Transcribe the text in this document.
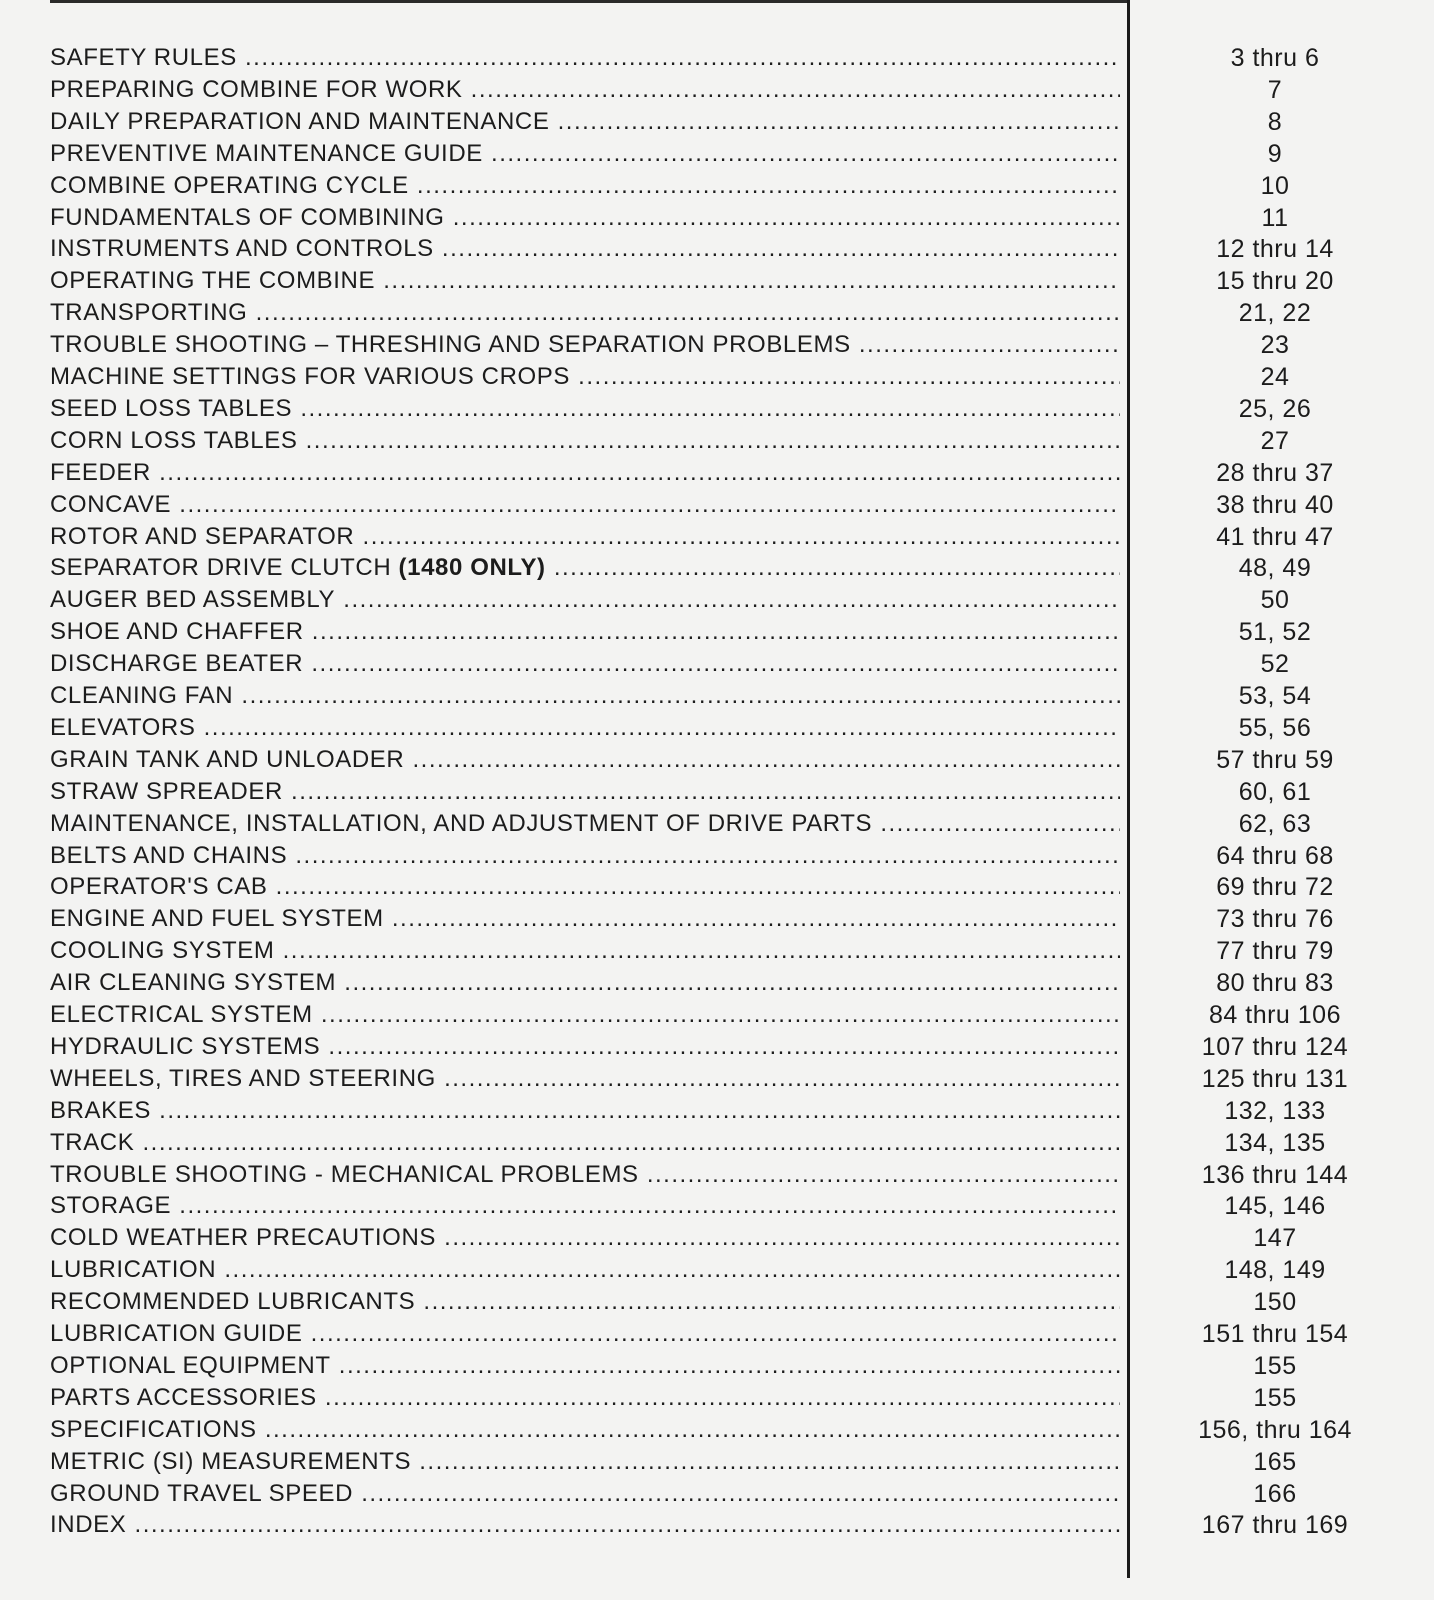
SAFETY RULES .....	3 thru 6
PREPARING COMBINE FOR WORK .....	7
DAILY PREPARATION AND MAINTENANCE .....	8
PREVENTIVE MAINTENANCE GUIDE .....	9
COMBINE OPERATING CYCLE .....	10
FUNDAMENTALS OF COMBINING .....	11
INSTRUMENTS AND CONTROLS .....	12 thru 14
OPERATING THE COMBINE .....	15 thru 20
TRANSPORTING .....	21, 22
TROUBLE SHOOTING – THRESHING AND SEPARATION PROBLEMS .....	23
MACHINE SETTINGS FOR VARIOUS CROPS .....	24
SEED LOSS TABLES .....	25, 26
CORN LOSS TABLES .....	27
FEEDER .....	28 thru 37
CONCAVE .....	38 thru 40
ROTOR AND SEPARATOR .....	41 thru 47
SEPARATOR DRIVE CLUTCH (1480 ONLY) .....	48, 49
AUGER BED ASSEMBLY .....	50
SHOE AND CHAFFER .....	51, 52
DISCHARGE BEATER .....	52
CLEANING FAN .....	53, 54
ELEVATORS .....	55, 56
GRAIN TANK AND UNLOADER .....	57 thru 59
STRAW SPREADER .....	60, 61
MAINTENANCE, INSTALLATION, AND ADJUSTMENT OF DRIVE PARTS .....	62, 63
BELTS AND CHAINS .....	64 thru 68
OPERATOR'S CAB .....	69 thru 72
ENGINE AND FUEL SYSTEM .....	73 thru 76
COOLING SYSTEM .....	77 thru 79
AIR CLEANING SYSTEM .....	80 thru 83
ELECTRICAL SYSTEM .....	84 thru 106
HYDRAULIC SYSTEMS .....	107 thru 124
WHEELS, TIRES AND STEERING .....	125 thru 131
BRAKES .....	132, 133
TRACK .....	134, 135
TROUBLE SHOOTING - MECHANICAL PROBLEMS .....	136 thru 144
STORAGE .....	145, 146
COLD WEATHER PRECAUTIONS .....	147
LUBRICATION .....	148, 149
RECOMMENDED LUBRICANTS .....	150
LUBRICATION GUIDE .....	151 thru 154
OPTIONAL EQUIPMENT .....	155
PARTS ACCESSORIES .....	155
SPECIFICATIONS .....	156, thru 164
METRIC (SI) MEASUREMENTS .....	165
GROUND TRAVEL SPEED .....	166
INDEX .....	167 thru 169
